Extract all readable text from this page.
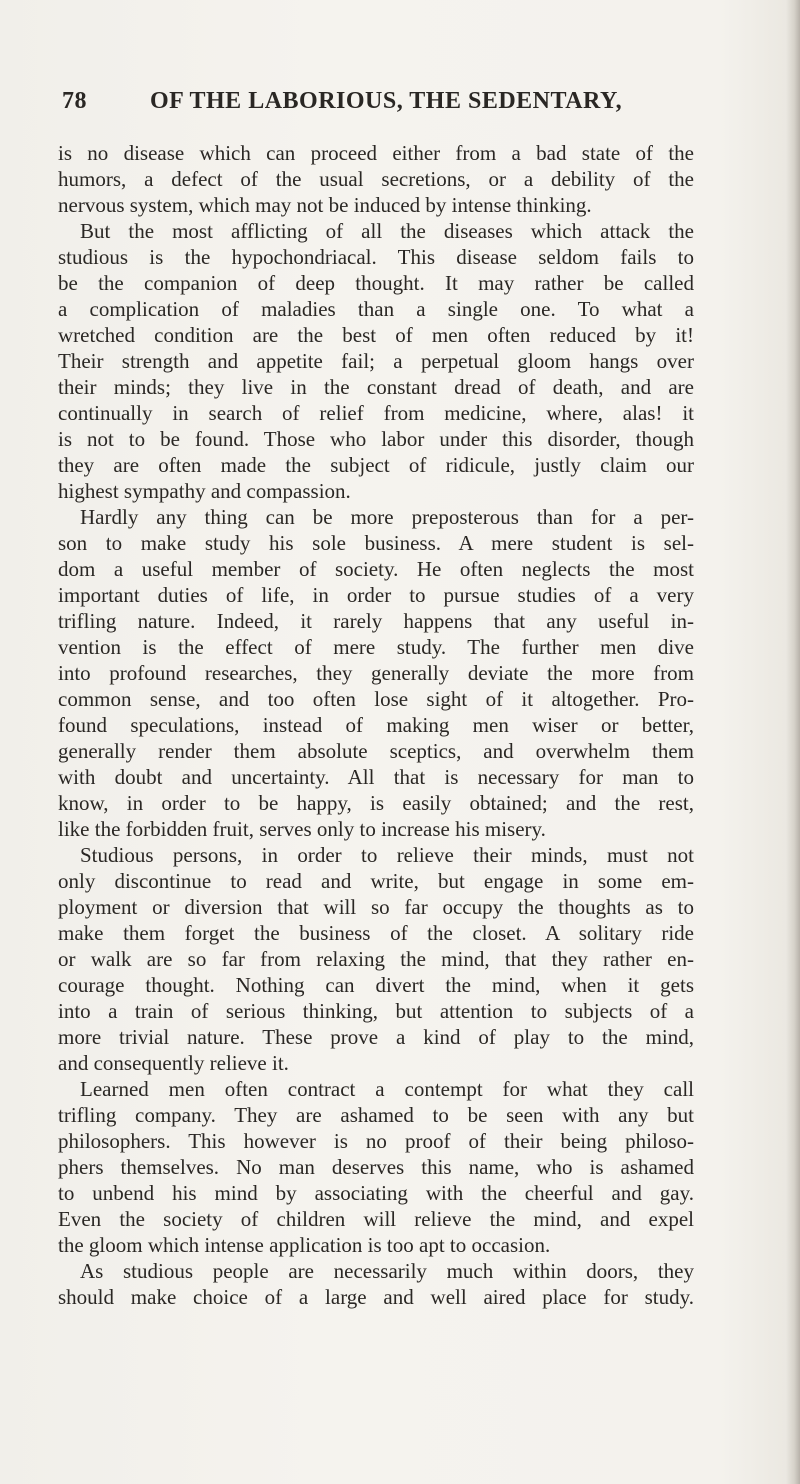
78	OF THE LABORIOUS, THE SEDENTARY,
is no disease which can proceed either from a bad state of the
humors, a defect of the usual secretions, or a debility of the
nervous system, which may not be induced by intense thinking.
But the most afflicting of all the diseases which attack the
studious is the hypochondriacal. This disease seldom fails to
be the companion of deep thought. It may rather be called
a complication of maladies than a single one. To what a
wretched condition are the best of men often reduced by it!
Their strength and appetite fail; a perpetual gloom hangs over
their minds; they live in the constant dread of death, and are
continually in search of relief from medicine, where, alas! it
is not to be found. Those who labor under this disorder, though
they are often made the subject of ridicule, justly claim our
highest sympathy and compassion.
Hardly any thing can be more preposterous than for a per-
son to make study his sole business. A mere student is sel-
dom a useful member of society. He often neglects the most
important duties of life, in order to pursue studies of a very
trifling nature. Indeed, it rarely happens that any useful in-
vention is the effect of mere study. The further men dive
into profound researches, they generally deviate the more from
common sense, and too often lose sight of it altogether. Pro-
found speculations, instead of making men wiser or better,
generally render them absolute sceptics, and overwhelm them
with doubt and uncertainty. All that is necessary for man to
know, in order to be happy, is easily obtained; and the rest,
like the forbidden fruit, serves only to increase his misery.
Studious persons, in order to relieve their minds, must not
only discontinue to read and write, but engage in some em-
ployment or diversion that will so far occupy the thoughts as to
make them forget the business of the closet. A solitary ride
or walk are so far from relaxing the mind, that they rather en-
courage thought. Nothing can divert the mind, when it gets
into a train of serious thinking, but attention to subjects of a
more trivial nature. These prove a kind of play to the mind,
and consequently relieve it.
Learned men often contract a contempt for what they call
trifling company. They are ashamed to be seen with any but
philosophers. This however is no proof of their being philoso-
phers themselves. No man deserves this name, who is ashamed
to unbend his mind by associating with the cheerful and gay.
Even the society of children will relieve the mind, and expel
the gloom which intense application is too apt to occasion.
As studious people are necessarily much within doors, they
should make choice of a large and well aired place for study.
